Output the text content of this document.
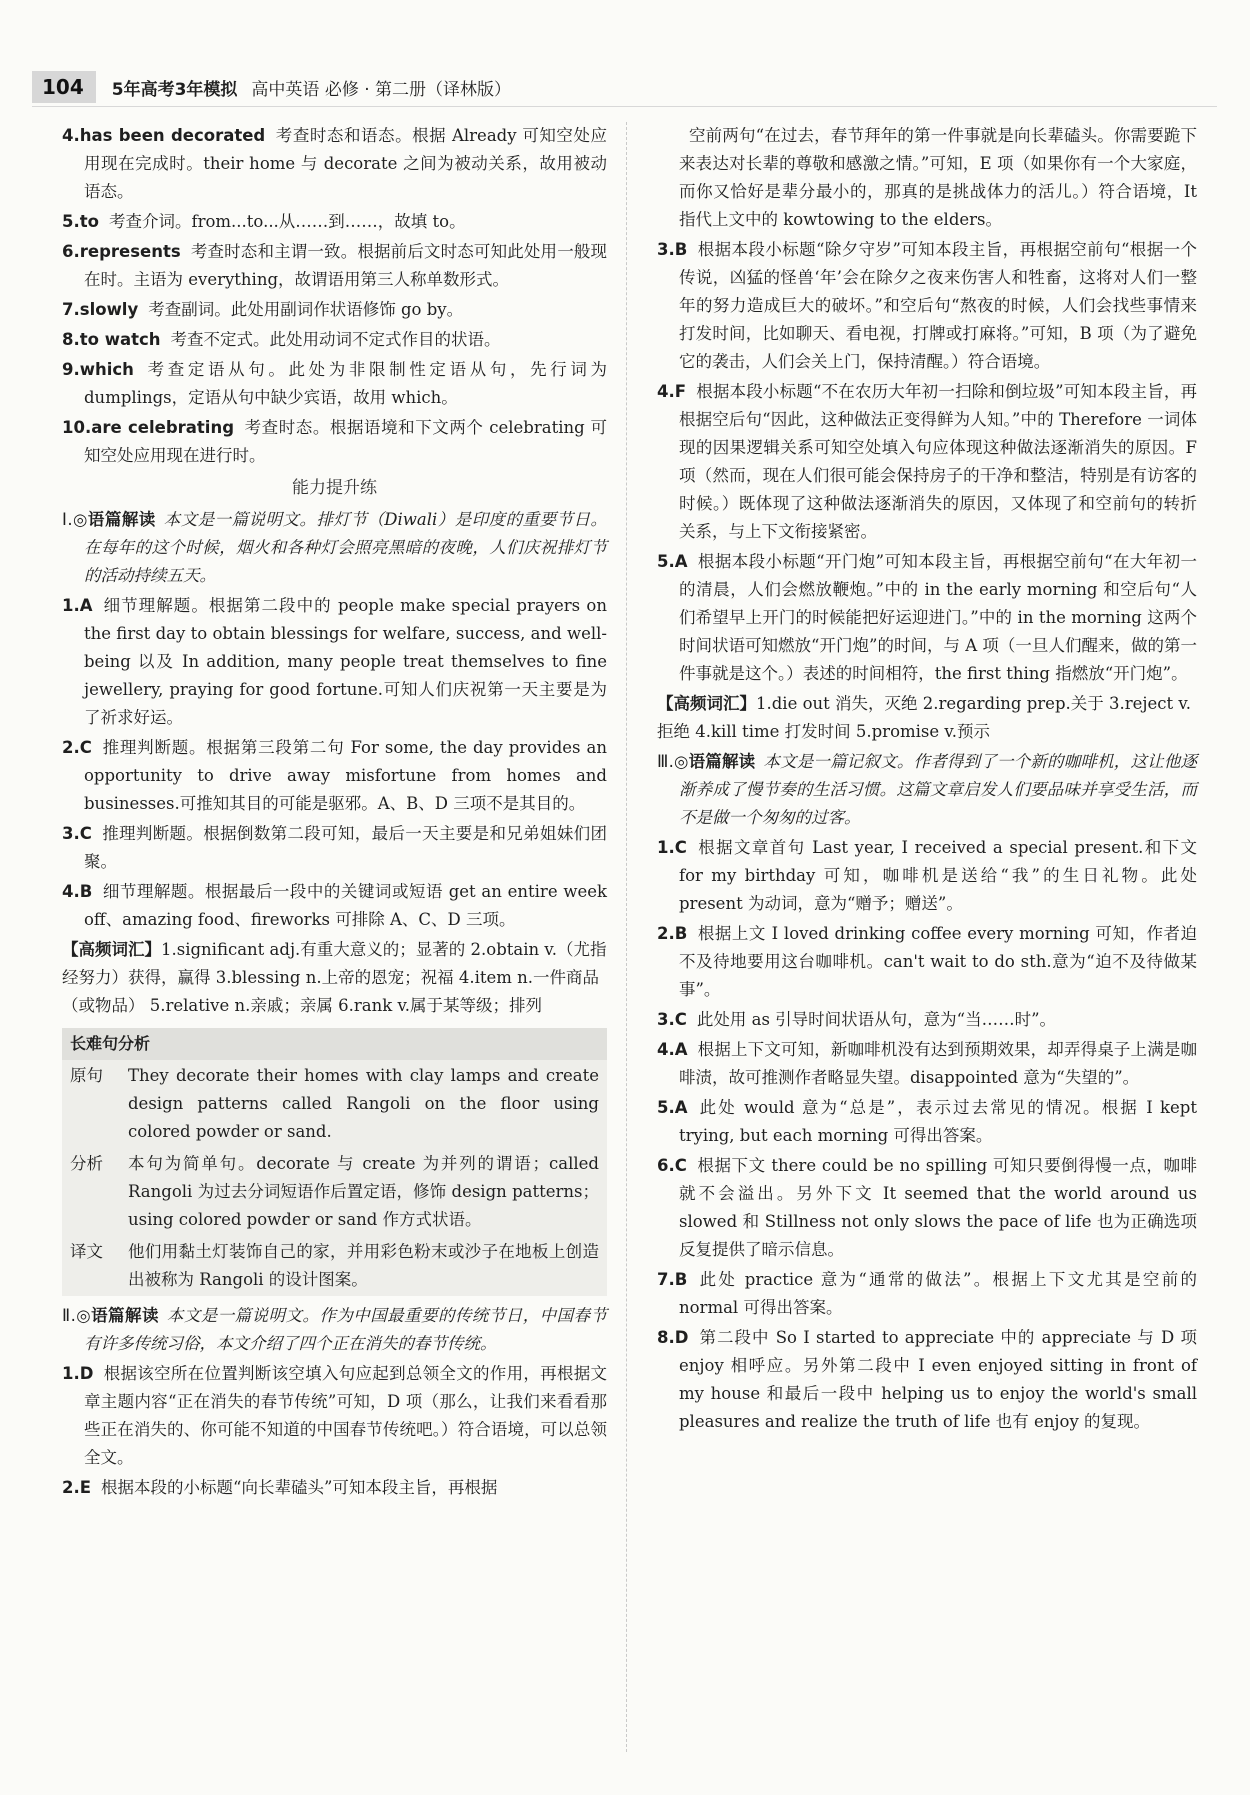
104	5年高考3年模拟 高中英语 必修 · 第二册（译林版）
4.has been decorated 考查时态和语态。根据 Already 可知空处应用现在完成时。their home 与 decorate 之间为被动关系，故用被动语态。
5.to 考查介词。from...to...从……到……，故填 to。
6.represents 考查时态和主谓一致。根据前后文时态可知此处用一般现在时。主语为 everything，故谓语用第三人称单数形式。
7.slowly 考查副词。此处用副词作状语修饰 go by。
8.to watch 考查不定式。此处用动词不定式作目的状语。
9.which 考查定语从句。此处为非限制性定语从句，先行词为 dumplings，定语从句中缺少宾语，故用 which。
10.are celebrating 考查时态。根据语境和下文两个 celebrating 可知空处应用现在进行时。
能力提升练
Ⅰ.◎语篇解读 本文是一篇说明文。排灯节（Diwali）是印度的重要节日。在每年的这个时候，烟火和各种灯会照亮黑暗的夜晚，人们庆祝排灯节的活动持续五天。
1.A 细节理解题。根据第二段中的 people make special prayers on the first day to obtain blessings for welfare, success, and well-being 以及 In addition, many people treat themselves to fine jewellery, praying for good fortune.可知人们庆祝第一天主要是为了祈求好运。
2.C 推理判断题。根据第三段第二句 For some, the day provides an opportunity to drive away misfortune from homes and businesses.可推知其目的可能是驱邪。A、B、D 三项不是其目的。
3.C 推理判断题。根据倒数第二段可知，最后一天主要是和兄弟姐妹们团聚。
4.B 细节理解题。根据最后一段中的关键词或短语 get an entire week off、amazing food、fireworks 可排除 A、C、D 三项。
【高频词汇】1.significant adj.有重大意义的；显著的 2.obtain v.（尤指经努力）获得，赢得 3.blessing n.上帝的恩宠；祝福 4.item n.一件商品（或物品） 5.relative n.亲戚；亲属 6.rank v.属于某等级；排列
长难句分析
原句	They decorate their homes with clay lamps and create design patterns called Rangoli on the floor using colored powder or sand.
分析	本句为简单句。decorate 与 create 为并列的谓语；called Rangoli 为过去分词短语作后置定语，修饰 design patterns；using colored powder or sand 作方式状语。
译文	他们用黏土灯装饰自己的家，并用彩色粉末或沙子在地板上创造出被称为 Rangoli 的设计图案。
Ⅱ.◎语篇解读 本文是一篇说明文。作为中国最重要的传统节日，中国春节有许多传统习俗，本文介绍了四个正在消失的春节传统。
1.D 根据该空所在位置判断该空填入句应起到总领全文的作用，再根据文章主题内容“正在消失的春节传统”可知，D 项（那么，让我们来看看那些正在消失的、你可能不知道的中国春节传统吧。）符合语境，可以总领全文。
2.E 根据本段的小标题“向长辈磕头”可知本段主旨，再根据
空前两句“在过去，春节拜年的第一件事就是向长辈磕头。你需要跪下来表达对长辈的尊敬和感激之情。”可知，E 项（如果你有一个大家庭，而你又恰好是辈分最小的，那真的是挑战体力的活儿。）符合语境，It 指代上文中的 kowtowing to the elders。
3.B 根据本段小标题“除夕守岁”可知本段主旨，再根据空前句“根据一个传说，凶猛的怪兽‘年’会在除夕之夜来伤害人和牲畜，这将对人们一整年的努力造成巨大的破坏。”和空后句“熬夜的时候，人们会找些事情来打发时间，比如聊天、看电视，打牌或打麻将。”可知，B 项（为了避免它的袭击，人们会关上门，保持清醒。）符合语境。
4.F 根据本段小标题“不在农历大年初一扫除和倒垃圾”可知本段主旨，再根据空后句“因此，这种做法正变得鲜为人知。”中的 Therefore 一词体现的因果逻辑关系可知空处填入句应体现这种做法逐渐消失的原因。F 项（然而，现在人们很可能会保持房子的干净和整洁，特别是有访客的时候。）既体现了这种做法逐渐消失的原因，又体现了和空前句的转折关系，与上下文衔接紧密。
5.A 根据本段小标题“开门炮”可知本段主旨，再根据空前句“在大年初一的清晨，人们会燃放鞭炮。”中的 in the early morning 和空后句“人们希望早上开门的时候能把好运迎进门。”中的 in the morning 这两个时间状语可知燃放“开门炮”的时间，与 A 项（一旦人们醒来，做的第一件事就是这个。）表述的时间相符，the first thing 指燃放“开门炮”。
【高频词汇】1.die out 消失，灭绝 2.regarding prep.关于 3.reject v.拒绝 4.kill time 打发时间 5.promise v.预示
Ⅲ.◎语篇解读 本文是一篇记叙文。作者得到了一个新的咖啡机，这让他逐渐养成了慢节奏的生活习惯。这篇文章启发人们要品味并享受生活，而不是做一个匆匆的过客。
1.C 根据文章首句 Last year, I received a special present.和下文 for my birthday 可知，咖啡机是送给“我”的生日礼物。此处 present 为动词，意为“赠予；赠送”。
2.B 根据上文 I loved drinking coffee every morning 可知，作者迫不及待地要用这台咖啡机。can't wait to do sth.意为“迫不及待做某事”。
3.C 此处用 as 引导时间状语从句，意为“当……时”。
4.A 根据上下文可知，新咖啡机没有达到预期效果，却弄得桌子上满是咖啡渍，故可推测作者略显失望。disappointed 意为“失望的”。
5.A 此处 would 意为“总是”，表示过去常见的情况。根据 I kept trying, but each morning 可得出答案。
6.C 根据下文 there could be no spilling 可知只要倒得慢一点，咖啡就不会溢出。另外下文 It seemed that the world around us slowed 和 Stillness not only slows the pace of life 也为正确选项反复提供了暗示信息。
7.B 此处 practice 意为“通常的做法”。根据上下文尤其是空前的 normal 可得出答案。
8.D 第二段中 So I started to appreciate 中的 appreciate 与 D 项 enjoy 相呼应。另外第二段中 I even enjoyed sitting in front of my house 和最后一段中 helping us to enjoy the world's small pleasures and realize the truth of life 也有 enjoy 的复现。
